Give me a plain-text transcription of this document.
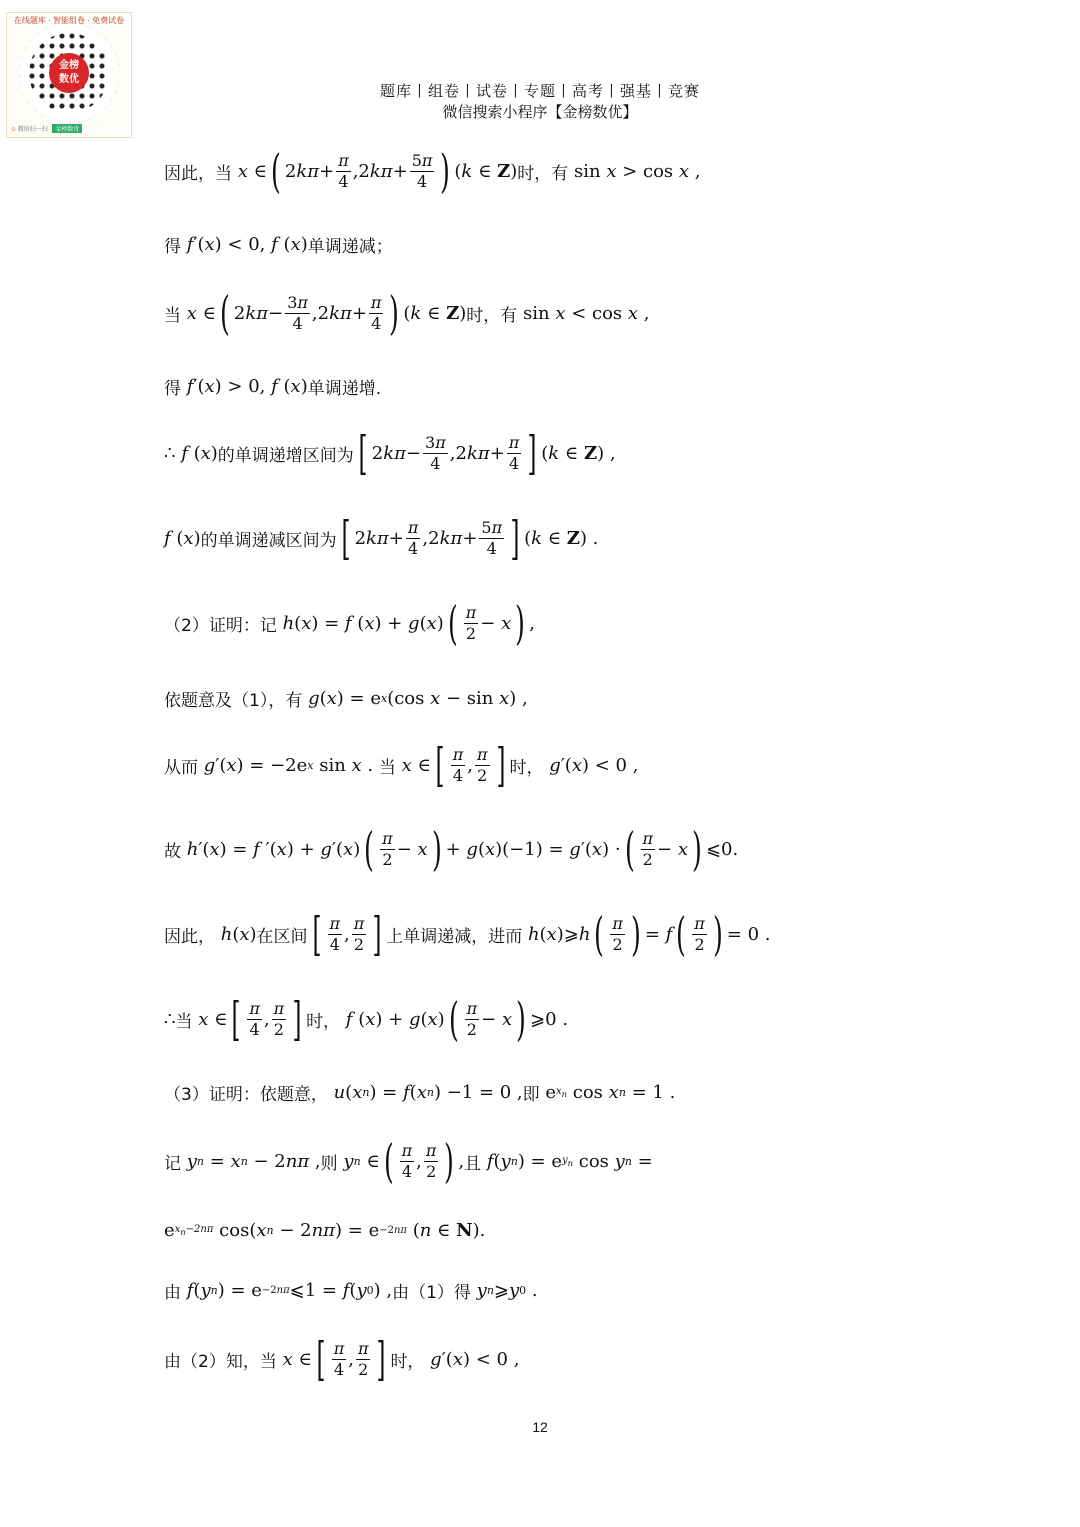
金榜
数优
在线题库 · 智能组卷 · 免费试卷
✩ 微信扫一扫 金榜数优
题库丨组卷丨试卷丨专题丨高考丨强基丨竞赛
微信搜索小程序【金榜数优】
因此，当
x ∈ ( 2 kπ +
π
4 ,2 kπ +
5π
4 ) ( k ∈ Z ) 时，有 sin x > cos x ,
得
f ′( x ) < 0, f ( x ) 单调递减；
当
x ∈ ( 2 kπ −
3π
4 ,2 kπ +
π
4 ) ( k ∈ Z ) 时，有 sin x < cos x ,
得
f ′( x ) > 0, f ( x ) 单调递增.
∴ f ( x ) 的单调递增区间为 [ 2 kπ −
3π
4 ,2 kπ +
π
4 ] ( k ∈ Z ) ,
f ( x ) 的单调递减区间为 [ 2 kπ +
π
4 ,2 kπ +
5π
4 ] ( k ∈ Z ) .
（2）证明：记
h ( x ) = f ( x ) + g ( x ) ( π
2 − x ) ,
依题意及（1），有
g ( x ) = e x (cos x − sin x ) ,
从而
g ′( x ) = −2e x sin x . 当
x ∈ [ π
4 ,
π
2 ] 时，
g ′( x ) < 0 ,
故
h ′( x ) = f ′( x ) + g ′( x ) ( π
2 − x ) + g ( x )(−1) = g ′( x ) · ( π
2 − x ) ⩽0.
因此，
h ( x ) 在区间 [ π
4 ,
π
2 ] 上单调递减，进而
h ( x )⩾ h ( π
2 ) = f ( π
2 ) = 0 .
∴ 当
x ∈ [ π
4 ,
π
2 ] 时，
f ( x ) + g ( x ) ( π
2 − x ) ⩾0 .
（3）证明：依题意，
u ( x n ) = f ( x n ) −1 = 0 , 即 e $x_n$ cos x n = 1 .
记
y n = x n − 2 nπ , 则
y n ∈ ( π
4 ,
π
2 ) , 且
f ( y n ) = e $y_n$ cos y n =
e $x_n-2n\pi$ cos( x n − 2 nπ ) = e −2nπ ( n ∈ N ).
由
f ( y n ) = e −2nπ ⩽1 = f ( y 0 ) , 由（1）得
y n ⩾ y 0 .
由（2）知，当
x ∈ [ π
4 ,
π
2 ] 时，
g ′( x ) < 0 ,
12
